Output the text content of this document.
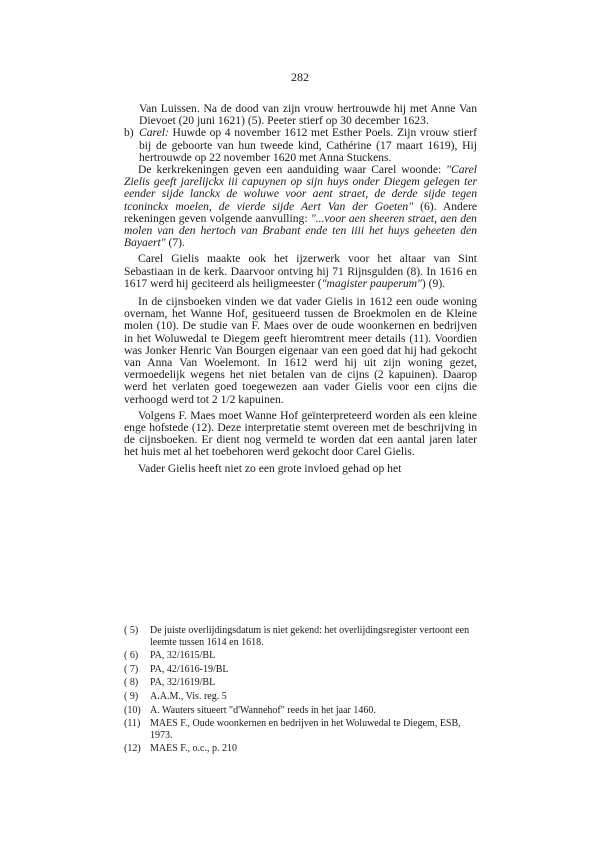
282

Van Luissen. Na de dood van zijn vrouw hertrouwde hij met Anne Van Dievoet (20 juni 1621) (5). Peeter stierf op 30 december 1623.

b) Carel: Huwde op 4 november 1612 met Esther Poels. Zijn vrouw stierf bij de geboorte van hun tweede kind, Cathérine (17 maart 1619), Hij hertrouwde op 22 november 1620 met Anna Stuckens.

De kerkrekeningen geven een aanduiding waar Carel woonde: "Carel Zielis geeft jarelijckx iii capuynen op sijn huys onder Diegem gelegen ter eender sijde lanckx de woluwe voor aent straet, de derde sijde tegen tconinckx moelen, de vierde sijde Aert Van der Goeten" (6). Andere rekeningen geven volgende aanvulling: "...voor aen sheeren straet, aen den molen van den hertoch van Brabant ende ten iiii het huys geheeten den Bayaert" (7).

Carel Gielis maakte ook het ijzerwerk voor het altaar van Sint Sebastiaan in de kerk. Daarvoor ontving hij 71 Rijnsgulden (8). In 1616 en 1617 werd hij geciteerd als heiligmeester ("magister pauperum") (9).

In de cijnsboeken vinden we dat vader Gielis in 1612 een oude woning overnam, het Wanne Hof, gesitueerd tussen de Broekmolen en de Kleine molen (10). De studie van F. Maes over de oude woonkernen en bedrijven in het Woluwedal te Diegem geeft hieromtrent meer details (11). Voordien was Jonker Henric Van Bourgen eigenaar van een goed dat hij had gekocht van Anna Van Woelemont. In 1612 werd hij uit zijn woning gezet, vermoedelijk wegens het niet betalen van de cijns (2 kapuinen). Daarop werd het verlaten goed toegewezen aan vader Gielis voor een cijns die verhoogd werd tot 2 1/2 kapuinen.

Volgens F. Maes moet Wanne Hof geïnterpreteerd worden als een kleine enge hofstede (12). Deze interpretatie stemt overeen met de beschrijving in de cijnsboeken. Er dient nog vermeld te worden dat een aantal jaren later het huis met al het toebehoren werd gekocht door Carel Gielis.

Vader Gielis heeft niet zo een grote invloed gehad op het

( 5) De juiste overlijdingsdatum is niet gekend: het overlijdingsregister vertoont een leemte tussen 1614 en 1618.
( 6) PA, 32/1615/BL
( 7) PA, 42/1616-19/BL
( 8) PA, 32/1619/BL
( 9) A.A.M., Vis. reg. 5
(10) A. Wauters situeert "d'Wannehof" reeds in het jaar 1460.
(11) MAES F., Oude woonkernen en bedrijven in het Woluwedal te Diegem, ESB, 1973.
(12) MAES F., o.c., p. 210
